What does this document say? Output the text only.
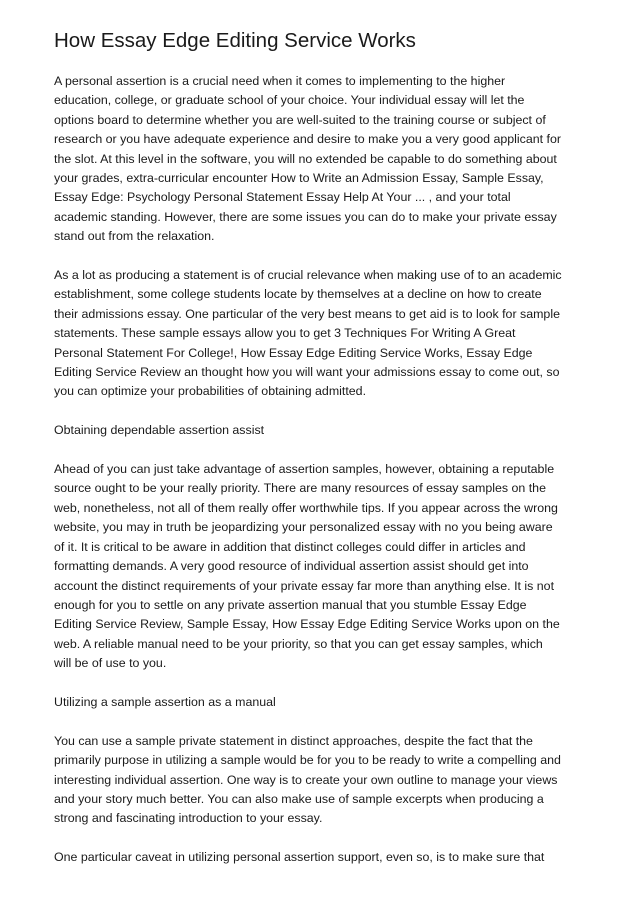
How Essay Edge Editing Service Works

A personal assertion is a crucial need when it comes to implementing to the higher
education, college, or graduate school of your choice. Your individual essay will let the
options board to determine whether you are well-suited to the training course or subject of
research or you have adequate experience and desire to make you a very good applicant for
the slot. At this level in the software, you will no extended be capable to do something about
your grades, extra-curricular encounter How to Write an Admission Essay, Sample Essay,
Essay Edge: Psychology Personal Statement Essay Help At Your ... , and your total
academic standing. However, there are some issues you can do to make your private essay
stand out from the relaxation.

As a lot as producing a statement is of crucial relevance when making use of to an academic
establishment, some college students locate by themselves at a decline on how to create
their admissions essay. One particular of the very best means to get aid is to look for sample
statements. These sample essays allow you to get 3 Techniques For Writing A Great
Personal Statement For College!, How Essay Edge Editing Service Works, Essay Edge
Editing Service Review an thought how you will want your admissions essay to come out, so
you can optimize your probabilities of obtaining admitted.

Obtaining dependable assertion assist

Ahead of you can just take advantage of assertion samples, however, obtaining a reputable
source ought to be your really priority. There are many resources of essay samples on the
web, nonetheless, not all of them really offer worthwhile tips. If you appear across the wrong
website, you may in truth be jeopardizing your personalized essay with no you being aware
of it. It is critical to be aware in addition that distinct colleges could differ in articles and
formatting demands. A very good resource of individual assertion assist should get into
account the distinct requirements of your private essay far more than anything else. It is not
enough for you to settle on any private assertion manual that you stumble Essay Edge
Editing Service Review, Sample Essay, How Essay Edge Editing Service Works upon on the
web. A reliable manual need to be your priority, so that you can get essay samples, which
will be of use to you.

Utilizing a sample assertion as a manual

You can use a sample private statement in distinct approaches, despite the fact that the
primarily purpose in utilizing a sample would be for you to be ready to write a compelling and
interesting individual assertion. One way is to create your own outline to manage your views
and your story much better. You can also make use of sample excerpts when producing a
strong and fascinating introduction to your essay.

One particular caveat in utilizing personal assertion support, even so, is to make sure that
